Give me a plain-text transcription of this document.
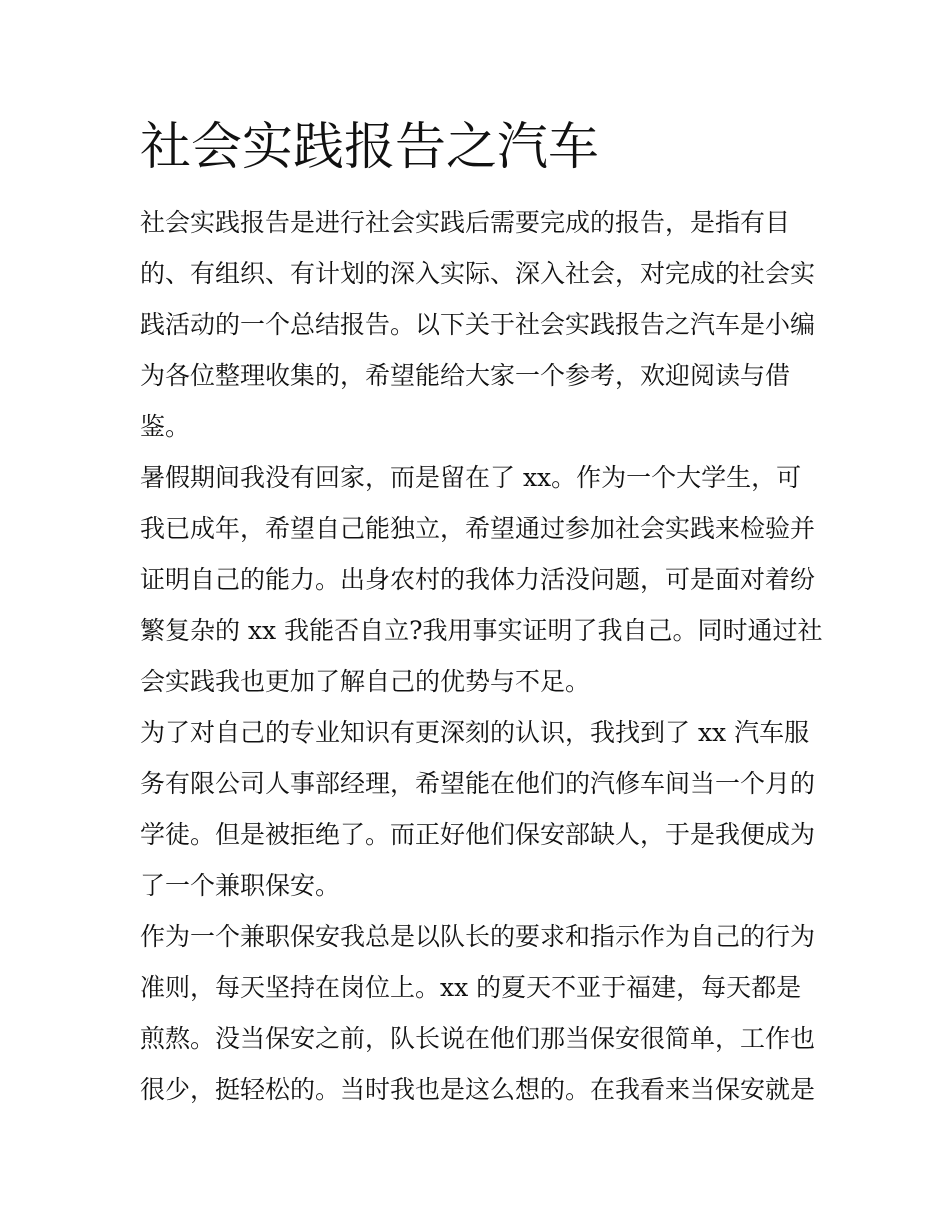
社会实践报告之汽车
社会实践报告是进行社会实践后需要完成的报告，是指有目
的、有组织、有计划的深入实际、深入社会，对完成的社会实
践活动的一个总结报告。以下关于社会实践报告之汽车是小编
为各位整理收集的，希望能给大家一个参考，欢迎阅读与借
鉴。
暑假期间我没有回家，而是留在了 xx。作为一个大学生，可
我已成年，希望自己能独立，希望通过参加社会实践来检验并
证明自己的能力。出身农村的我体力活没问题，可是面对着纷
繁复杂的 xx 我能否自立?我用事实证明了我自己。同时通过社
会实践我也更加了解自己的优势与不足。
为了对自己的专业知识有更深刻的认识，我找到了 xx 汽车服
务有限公司人事部经理，希望能在他们的汽修车间当一个月的
学徒。但是被拒绝了。而正好他们保安部缺人，于是我便成为
了一个兼职保安。
作为一个兼职保安我总是以队长的要求和指示作为自己的行为
准则，每天坚持在岗位上。xx 的夏天不亚于福建，每天都是
煎熬。没当保安之前，队长说在他们那当保安很简单，工作也
很少，挺轻松的。当时我也是这么想的。在我看来当保安就是
